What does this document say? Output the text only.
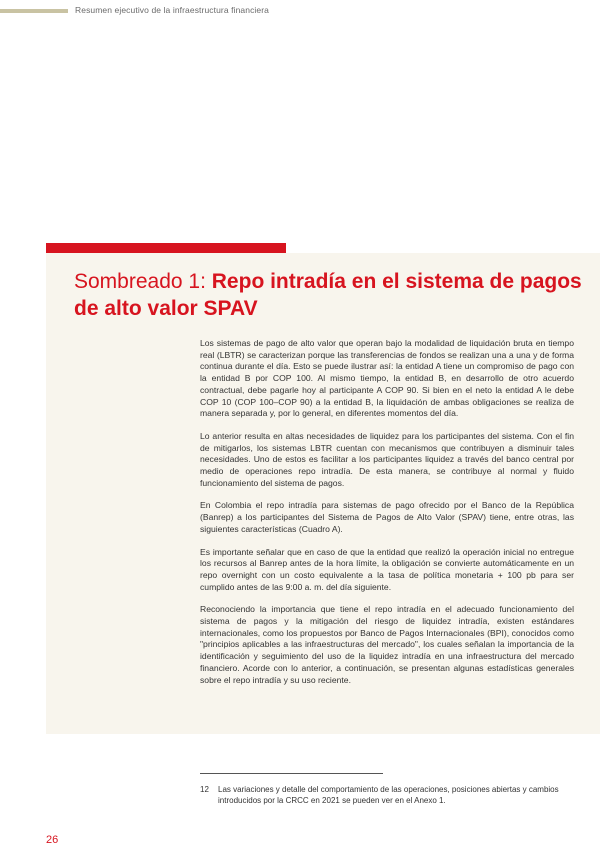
Resumen ejecutivo de la infraestructura financiera
Sombreado 1: Repo intradía en el sistema de pagos de alto valor SPAV

Los sistemas de pago de alto valor que operan bajo la modalidad de liquidación bruta en tiempo real (LBTR) se caracterizan porque las transferencias de fondos se realizan una a una y de forma continua durante el día. Esto se puede ilustrar así: la entidad A tiene un compromiso de pago con la entidad B por COP 100. Al mismo tiempo, la entidad B, en desarrollo de otro acuerdo contractual, debe pagarle hoy al participante A COP 90. Si bien en el neto la entidad A le debe COP 10 (COP 100–COP 90) a la entidad B, la liquidación de ambas obligaciones se realiza de manera separada y, por lo general, en diferentes momentos del día.

Lo anterior resulta en altas necesidades de liquidez para los participantes del sistema. Con el fin de mitigarlos, los sistemas LBTR cuentan con mecanismos que contribuyen a disminuir tales necesidades. Uno de estos es facilitar a los participantes liquidez a través del banco central por medio de operaciones repo intradía. De esta manera, se contribuye al normal y fluido funcionamiento del sistema de pagos.

En Colombia el repo intradía para sistemas de pago ofrecido por el Banco de la República (Banrep) a los participantes del Sistema de Pagos de Alto Valor (SPAV) tiene, entre otras, las siguientes características (Cuadro A).

Es importante señalar que en caso de que la entidad que realizó la operación inicial no entregue los recursos al Banrep antes de la hora límite, la obligación se convierte automáticamente en un repo overnight con un costo equivalente a la tasa de política monetaria + 100 pb para ser cumplido antes de las 9:00 a. m. del día siguiente.

Reconociendo la importancia que tiene el repo intradía en el adecuado funcionamiento del sistema de pagos y la mitigación del riesgo de liquidez intradía, existen estándares internacionales, como los propuestos por Banco de Pagos Internacionales (BPI), conocidos como "principios aplicables a las infraestructuras del mercado", los cuales señalan la importancia de la identificación y seguimiento del uso de la liquidez intradía en una infraestructura del mercado financiero. Acorde con lo anterior, a continuación, se presentan algunas estadísticas generales sobre el repo intradía y su uso reciente.

12 Las variaciones y detalle del comportamiento de las operaciones, posiciones abiertas y cambios introducidos por la CRCC en 2021 se pueden ver en el Anexo 1.
26
